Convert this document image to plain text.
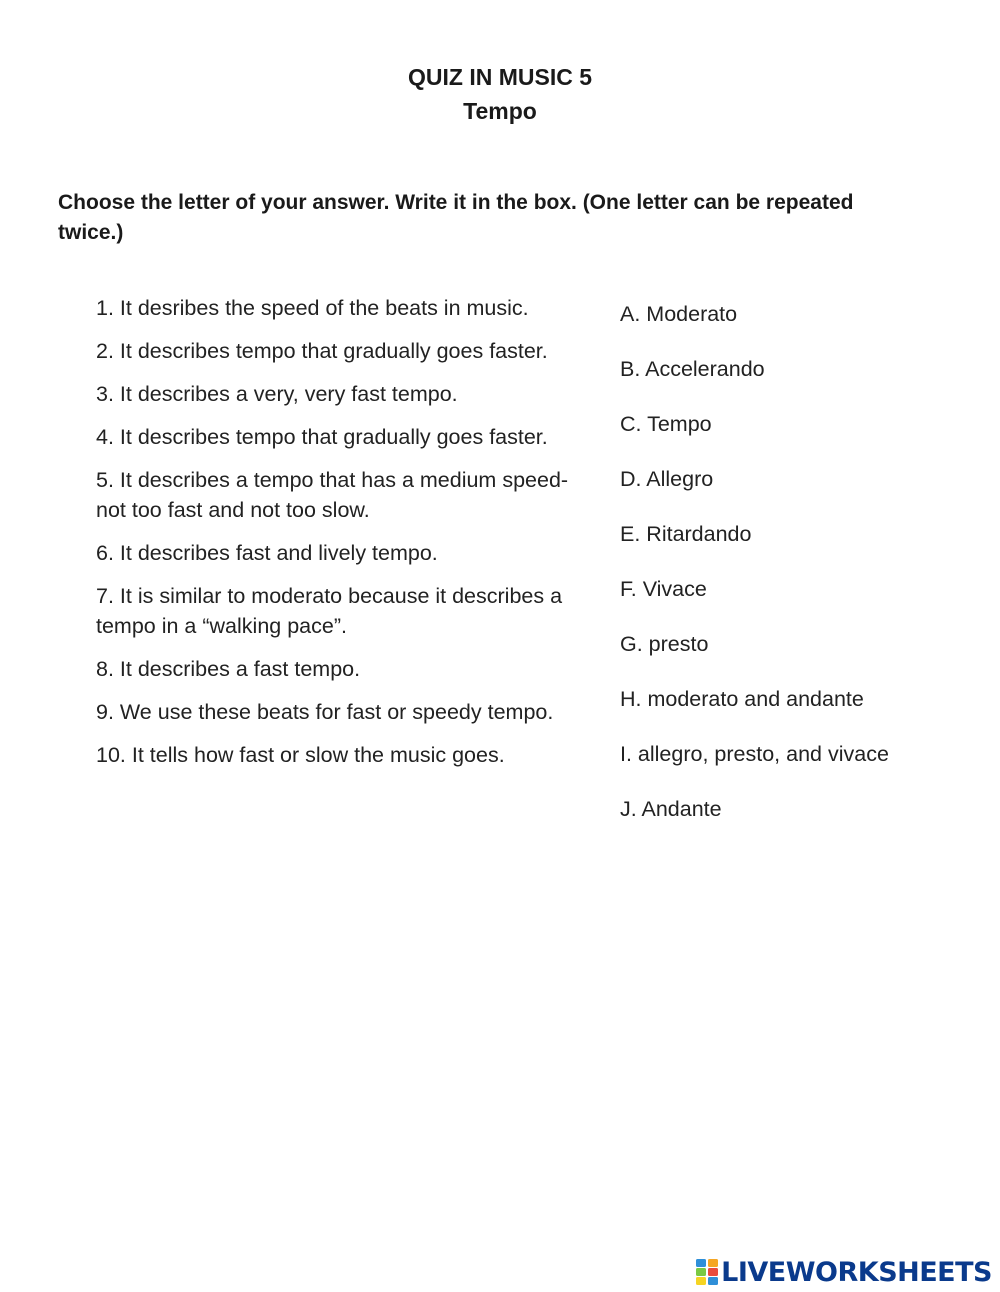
QUIZ IN MUSIC 5
Tempo
Choose the letter of your answer. Write it in the box. (One letter can be repeated twice.)
1. It desribes the speed of the beats in music.
2. It describes tempo that gradually goes faster.
3. It describes a very, very fast tempo.
4. It describes tempo that gradually goes faster.
5. It describes a tempo that has a medium speed- not too fast and not too slow.
6. It describes fast and lively tempo.
7. It is similar to moderato because it describes a tempo in a “walking pace”.
8. It describes a fast tempo.
9. We use these beats for fast or speedy tempo.
10. It tells how fast or slow the music goes.
A. Moderato
B. Accelerando
C. Tempo
D. Allegro
E. Ritardando
F. Vivace
G. presto
H. moderato and andante
I. allegro, presto, and vivace
J. Andante
LIVEWORKSHEETS
